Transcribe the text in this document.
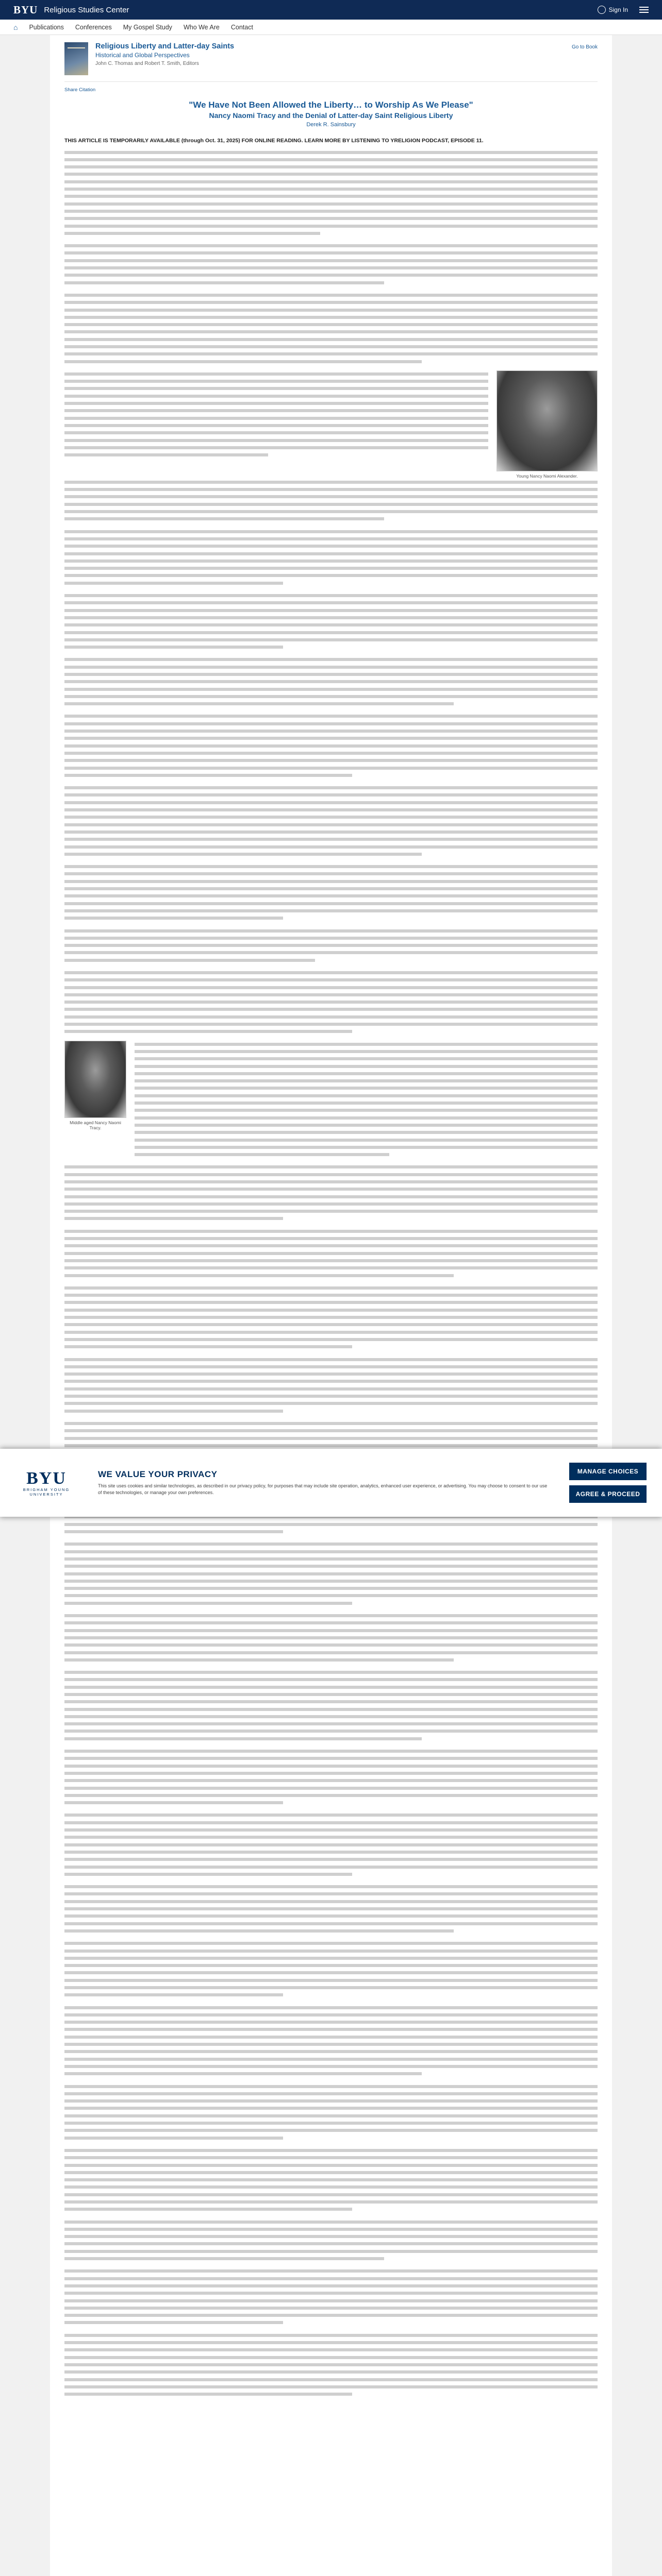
BYU Religious Studies Center	Sign In
⌂ Publications Conferences My Gospel Study Who We Are Contact
Religious Liberty and Latter-day Saints
Historical and Global Perspectives
John C. Thomas and Robert T. Smith, Editors
Go to Book
Share Citation
"We Have Not Been Allowed the Liberty… to Worship As We Please"
Nancy Naomi Tracy and the Denial of Latter-day Saint Religious Liberty
Derek R. Sainsbury
THIS ARTICLE IS TEMPORARILY AVAILABLE (through Oct. 31, 2025) FOR ONLINE READING. LEARN MORE BY LISTENING TO YRELIGION PODCAST, EPISODE 11.
Young Nancy Naomi Alexander.
Middle aged Nancy Naomi Tracy.
BYU
BRIGHAM YOUNG UNIVERSITY
WE VALUE YOUR PRIVACY
This site uses cookies and similar technologies, as described in our privacy policy, for purposes that may include site operation, analytics, enhanced user experience, or advertising. You may choose to consent to our use of these technologies, or manage your own preferences.
MANAGE CHOICES
AGREE & PROCEED
